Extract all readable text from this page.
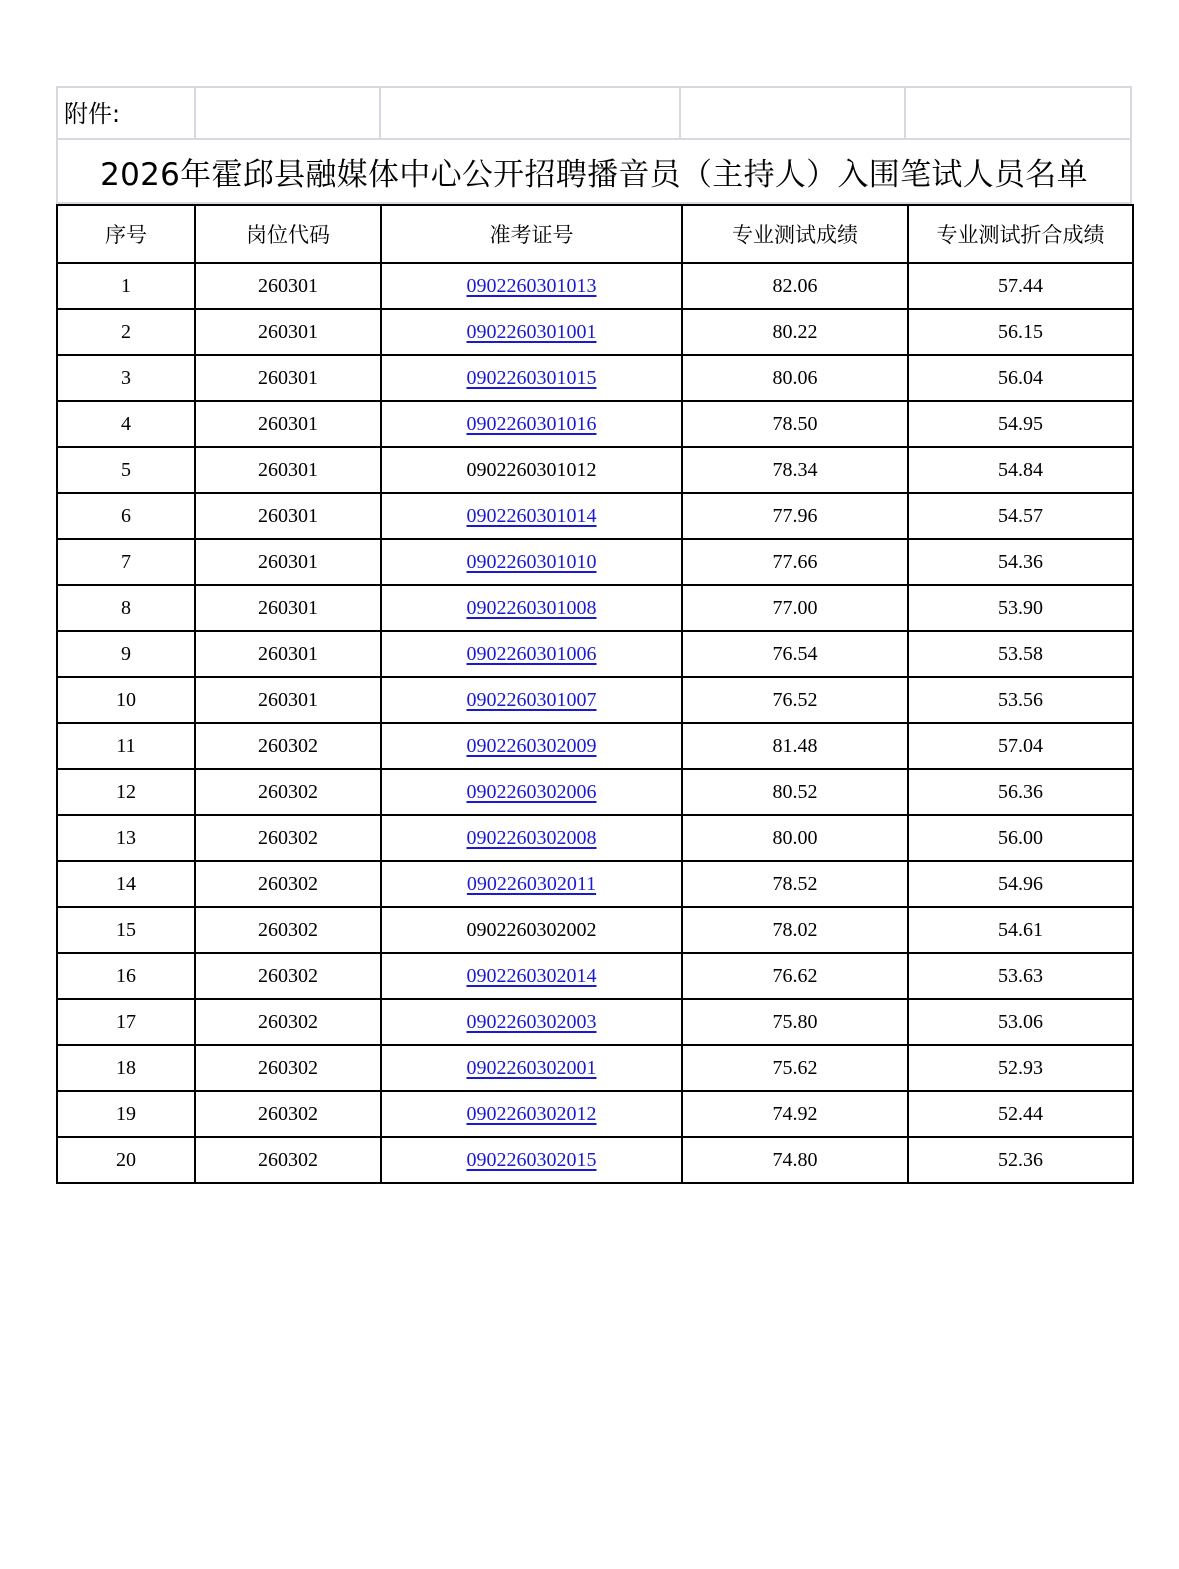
附件:
2026年霍邱县融媒体中心公开招聘播音员（主持人）入围笔试人员名单
序号	岗位代码	准考证号	专业测试成绩	专业测试折合成绩
1	260301	0902260301013	82.06	57.44
2	260301	0902260301001	80.22	56.15
3	260301	0902260301015	80.06	56.04
4	260301	0902260301016	78.50	54.95
5	260301	0902260301012	78.34	54.84
6	260301	0902260301014	77.96	54.57
7	260301	0902260301010	77.66	54.36
8	260301	0902260301008	77.00	53.90
9	260301	0902260301006	76.54	53.58
10	260301	0902260301007	76.52	53.56
11	260302	0902260302009	81.48	57.04
12	260302	0902260302006	80.52	56.36
13	260302	0902260302008	80.00	56.00
14	260302	0902260302011	78.52	54.96
15	260302	0902260302002	78.02	54.61
16	260302	0902260302014	76.62	53.63
17	260302	0902260302003	75.80	53.06
18	260302	0902260302001	75.62	52.93
19	260302	0902260302012	74.92	52.44
20	260302	0902260302015	74.80	52.36
